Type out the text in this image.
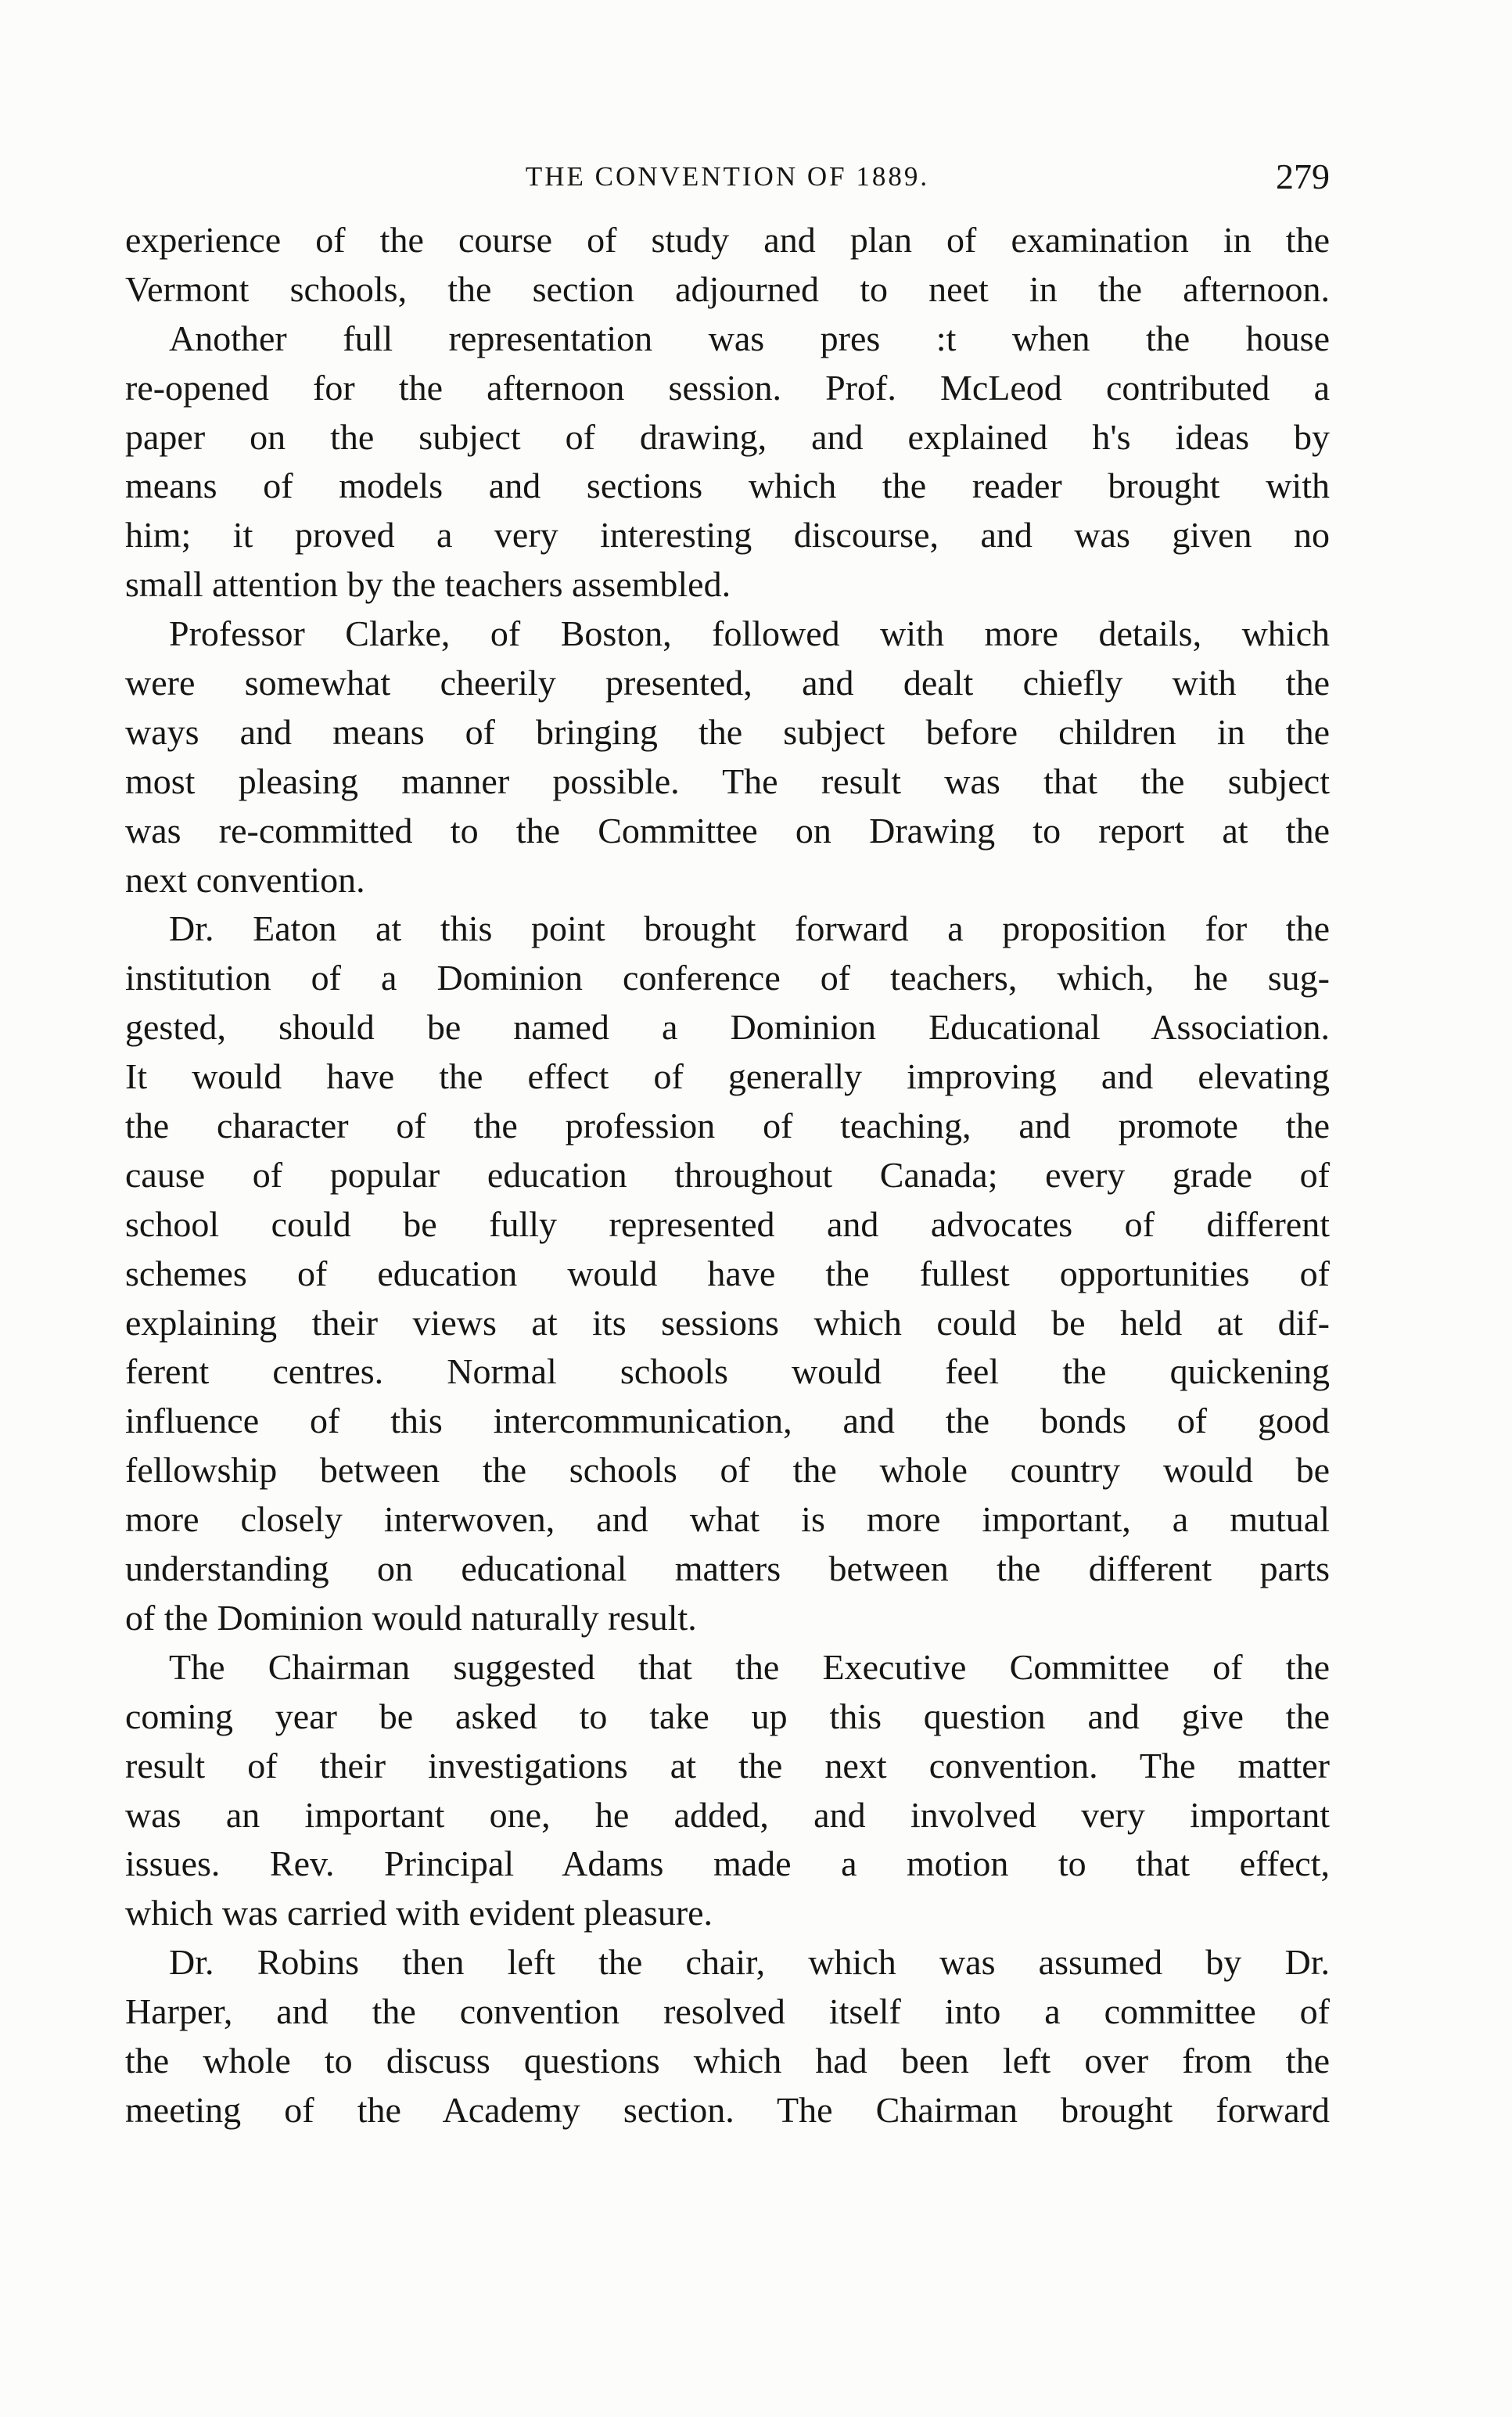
THE CONVENTION OF 1889.	279
experience of the course of study and plan of examination in the
Vermont schools, the section adjourned to neet in the afternoon.
Another full representation was pres :t when the house
re-opened for the afternoon session. Prof. McLeod contributed a
paper on the subject of drawing, and explained h's ideas by
means of models and sections which the reader brought with
him; it proved a very interesting discourse, and was given no
small attention by the teachers assembled.
Professor Clarke, of Boston, followed with more details, which
were somewhat cheerily presented, and dealt chiefly with the
ways and means of bringing the subject before children in the
most pleasing manner possible. The result was that the subject
was re-committed to the Committee on Drawing to report at the
next convention.
Dr. Eaton at this point brought forward a proposition for the
institution of a Dominion conference of teachers, which, he sug-
gested, should be named a Dominion Educational Association.
It would have the effect of generally improving and elevating
the character of the profession of teaching, and promote the
cause of popular education throughout Canada; every grade of
school could be fully represented and advocates of different
schemes of education would have the fullest opportunities of
explaining their views at its sessions which could be held at dif-
ferent centres. Normal schools would feel the quickening
influence of this intercommunication, and the bonds of good
fellowship between the schools of the whole country would be
more closely interwoven, and what is more important, a mutual
understanding on educational matters between the different parts
of the Dominion would naturally result.
The Chairman suggested that the Executive Committee of the
coming year be asked to take up this question and give the
result of their investigations at the next convention. The matter
was an important one, he added, and involved very important
issues. Rev. Principal Adams made a motion to that effect,
which was carried with evident pleasure.
Dr. Robins then left the chair, which was assumed by Dr.
Harper, and the convention resolved itself into a committee of
the whole to discuss questions which had been left over from the
meeting of the Academy section. The Chairman brought forward
